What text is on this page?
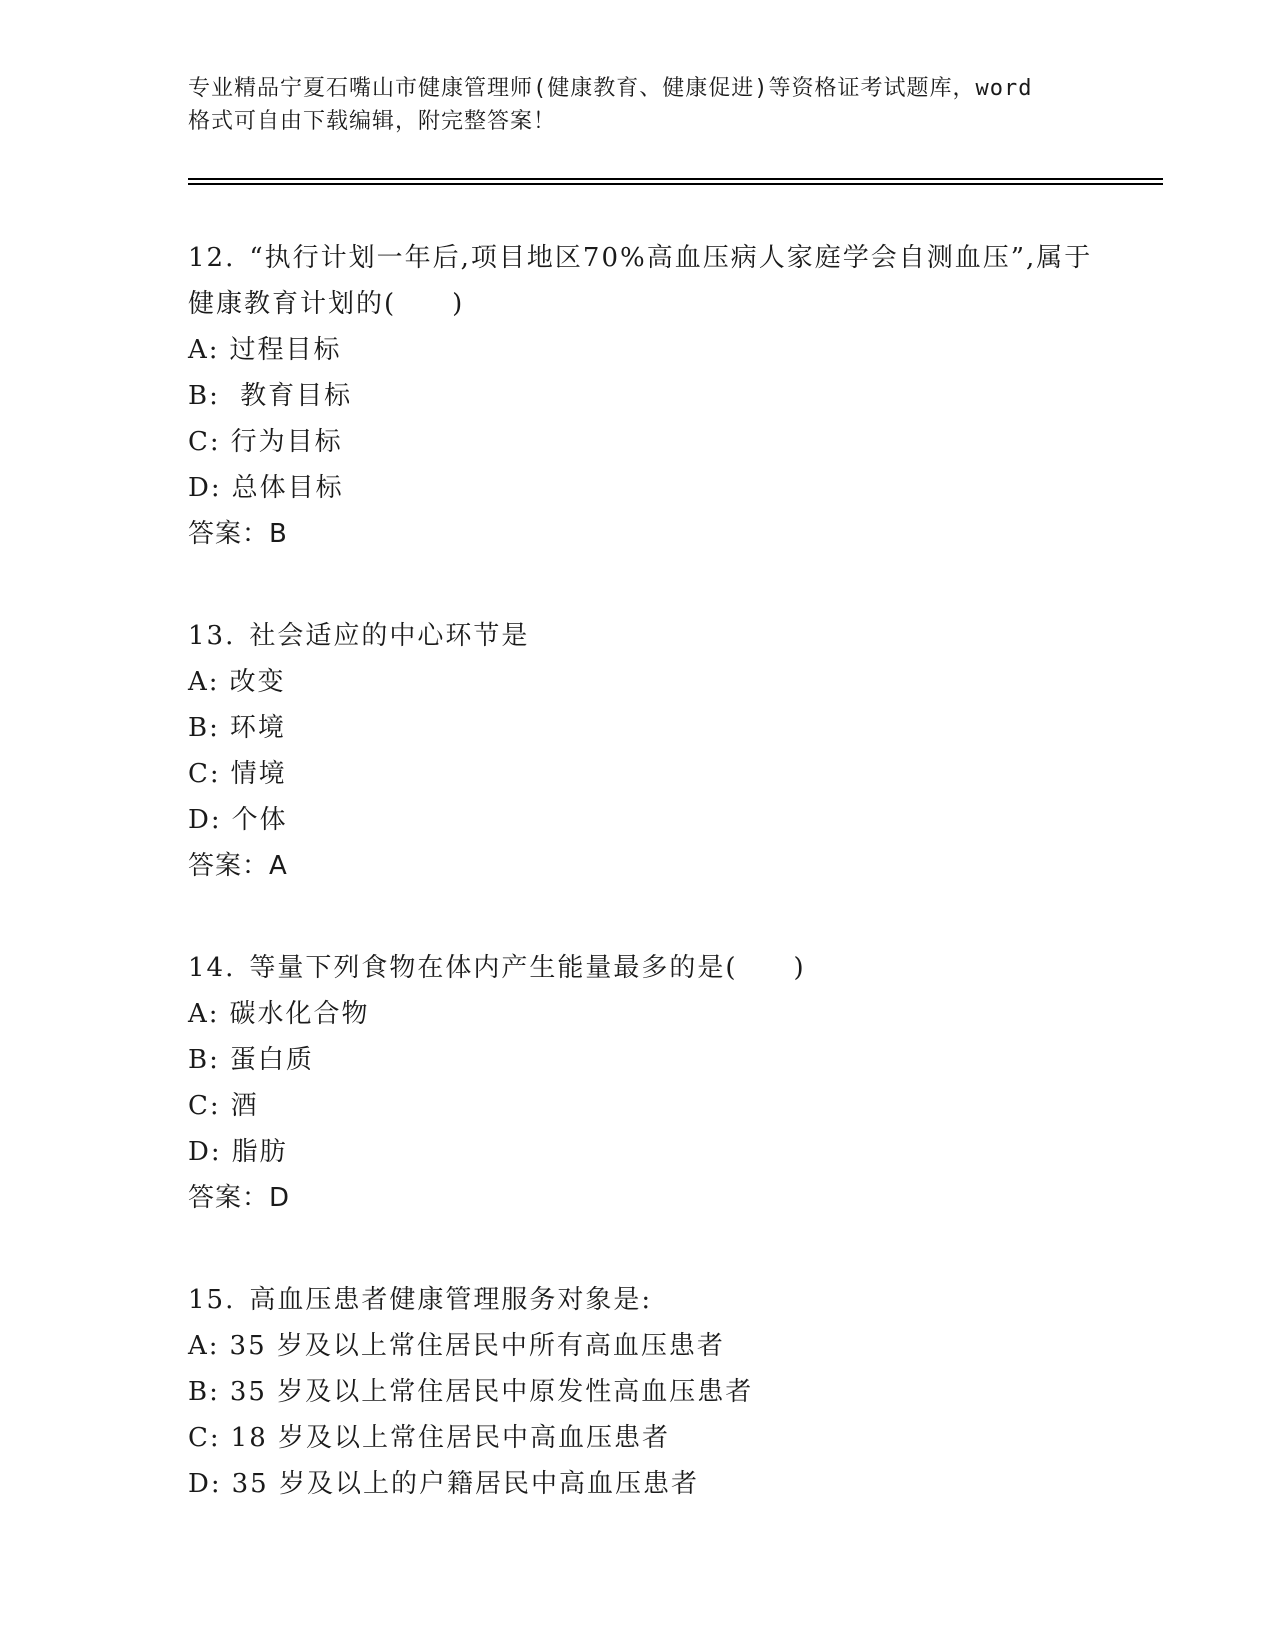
专业精品宁夏石嘴山市健康管理师(健康教育、健康促进)等资格证考试题库，word
格式可自由下载编辑，附完整答案！

12. “执行计划一年后,项目地区70%高血压病人家庭学会自测血压”,属于健康教育计划的(　　)

A: 过程目标

B: 教育目标

C: 行为目标

D: 总体目标

答案：B

13. 社会适应的中心环节是

A: 改变

B: 环境

C: 情境

D: 个体

答案：A

14. 等量下列食物在体内产生能量最多的是(　　)

A: 碳水化合物

B: 蛋白质

C: 酒

D: 脂肪

答案：D

15. 高血压患者健康管理服务对象是:

A: 35 岁及以上常住居民中所有高血压患者

B: 35 岁及以上常住居民中原发性高血压患者

C: 18 岁及以上常住居民中高血压患者

D: 35 岁及以上的户籍居民中高血压患者
